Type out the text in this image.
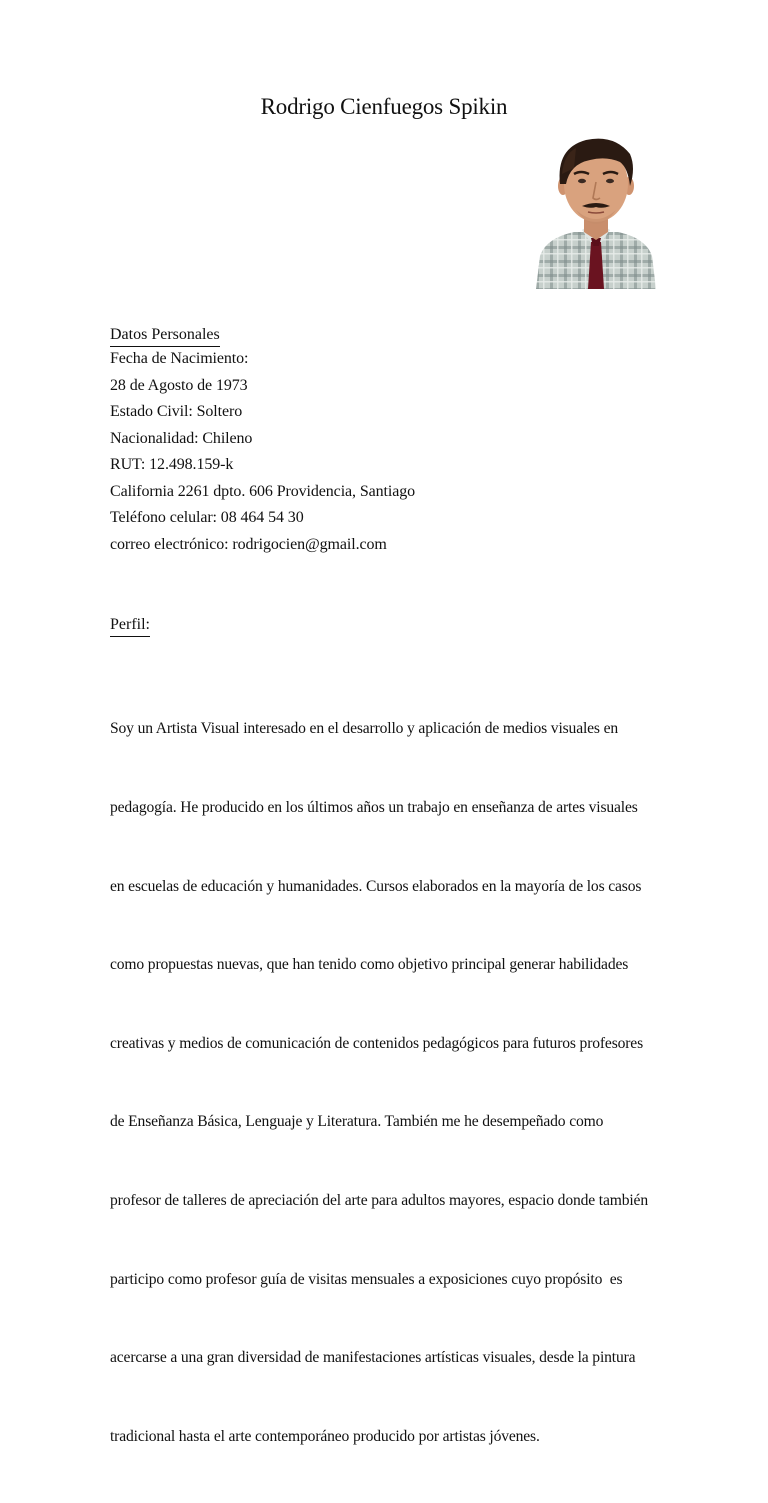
Rodrigo Cienfuegos Spikin
Datos Personales
Fecha de Nacimiento:
28 de Agosto de 1973
Estado Civil: Soltero
Nacionalidad: Chileno
RUT: 12.498.159-k
California 2261 dpto. 606 Providencia, Santiago
Teléfono celular: 08 464 54 30
correo electrónico: rodrigocien@gmail.com
Perfil:

Soy un Artista Visual interesado en el desarrollo y aplicación de medios visuales en

pedagogía. He producido en los últimos años un trabajo en enseñanza de artes visuales

en escuelas de educación y humanidades. Cursos elaborados en la mayoría de los casos

como propuestas nuevas, que han tenido como objetivo principal generar habilidades

creativas y medios de comunicación de contenidos pedagógicos para futuros profesores

de Enseñanza Básica, Lenguaje y Literatura. También me he desempeñado como

profesor de talleres de apreciación del arte para adultos mayores, espacio donde también

participo como profesor guía de visitas mensuales a exposiciones cuyo propósito  es

acercarse a una gran diversidad de manifestaciones artísticas visuales, desde la pintura

tradicional hasta el arte contemporáneo producido por artistas jóvenes.
